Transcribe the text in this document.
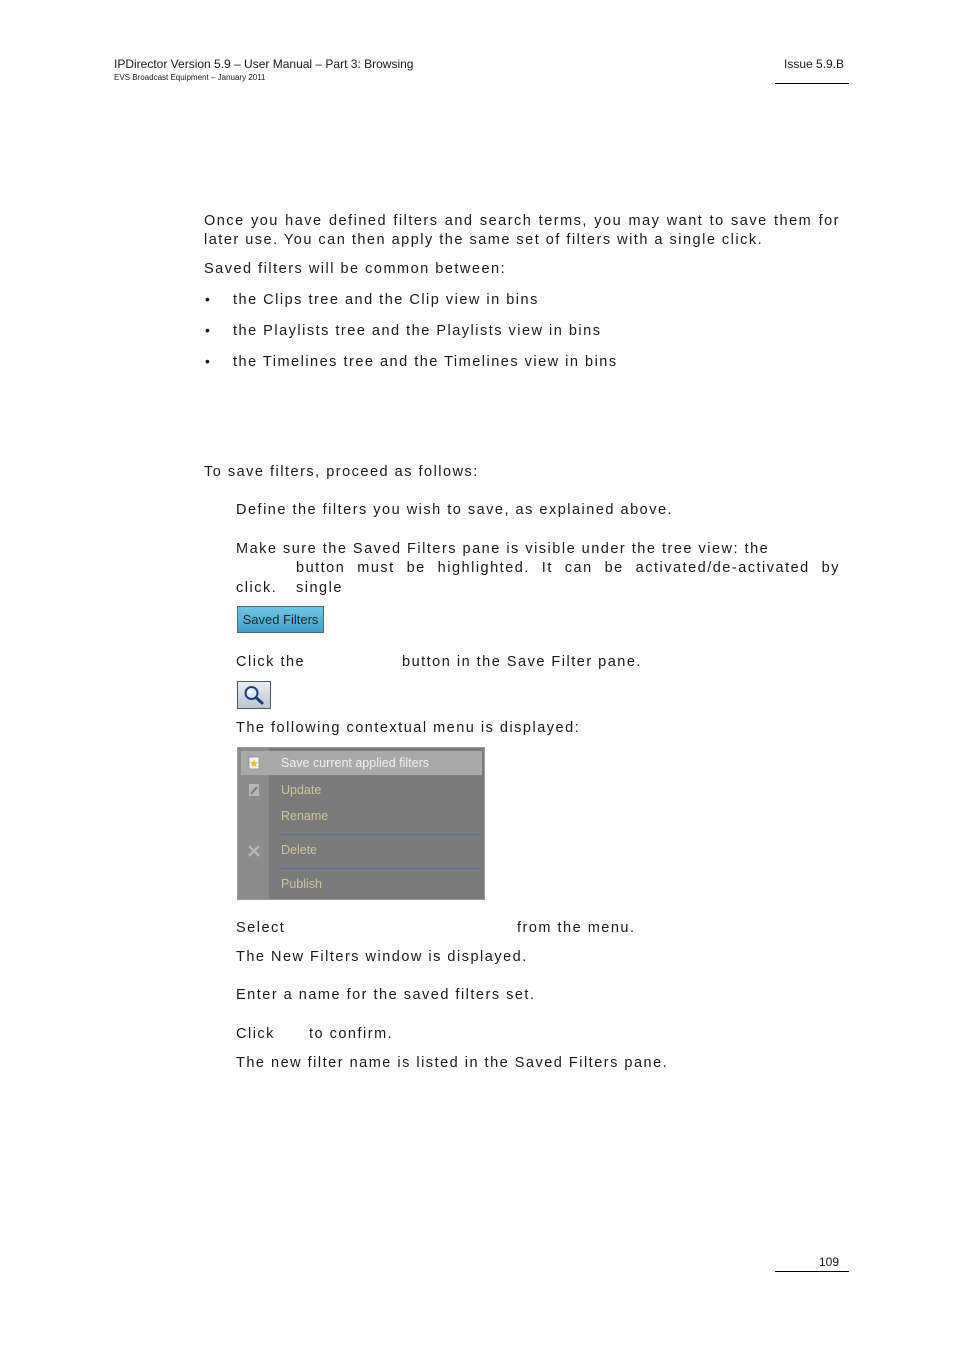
IPDirector Version 5.9 – User Manual – Part 3: Browsing
EVS Broadcast Equipment – January 2011
Issue 5.9.B
Once you have defined filters and search terms, you may want to save them for
later use. You can then apply the same set of filters with a single click.
Saved filters will be common between:
• the Clips tree and the Clip view in bins
• the Playlists tree and the Playlists view in bins
• the Timelines tree and the Timelines view in bins
To save filters, proceed as follows:
Define the filters you wish to save, as explained above.
Make sure the Saved Filters pane is visible under the tree view: the
button must be highlighted. It can be activated/de-activated by single
click.
Saved Filters
Click the	button in the Save Filter pane.
The following contextual menu is displayed:
Save current applied filters
Update
Rename
Delete
Publish
Select	from the menu.
The New Filters window is displayed.
Enter a name for the saved filters set.
Click to confirm.
The new filter name is listed in the Saved Filters pane.
109
